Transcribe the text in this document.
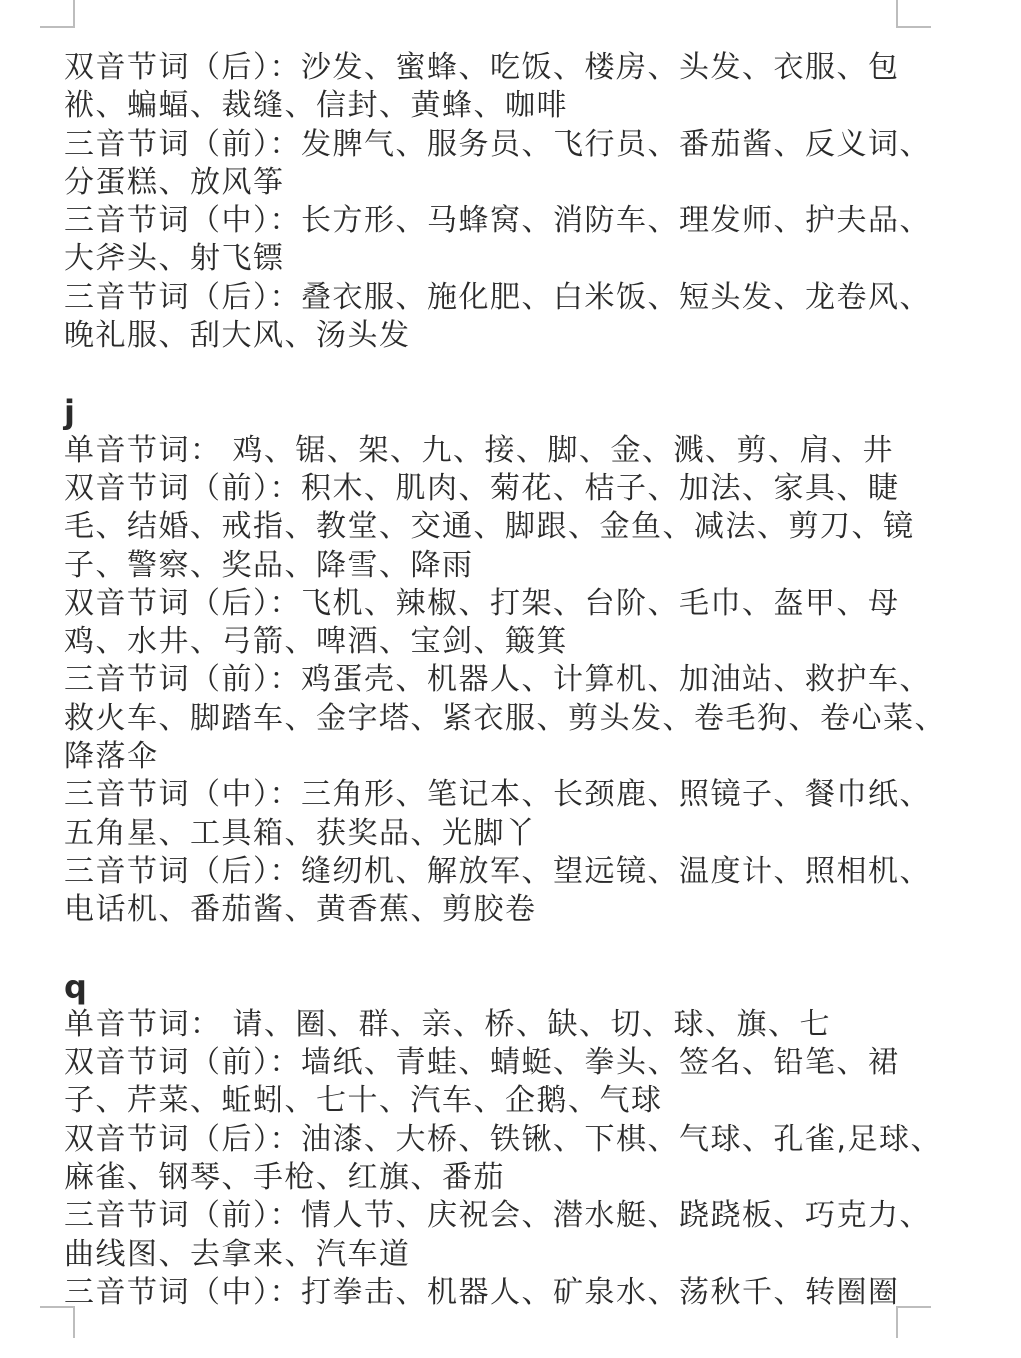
双音节词（后）：沙发、蜜蜂、吃饭、楼房、头发、衣服、包袱、蝙蝠、裁缝、信封、黄蜂、咖啡

三音节词（前）：发脾气、服务员、飞行员、番茄酱、反义词、分蛋糕、放风筝

三音节词（中）：长方形、马蜂窝、消防车、理发师、护夫品、大斧头、射飞镖

三音节词（后）：叠衣服、施化肥、白米饭、短头发、龙卷风、晚礼服、刮大风、汤头发

j

单音节词： 鸡、锯、架、九、接、脚、金、溅、剪、肩、井

双音节词（前）：积木、肌肉、菊花、桔子、加法、家具、睫毛、结婚、戒指、教堂、交通、脚跟、金鱼、减法、剪刀、镜子、警察、奖品、降雪、降雨

双音节词（后）：飞机、辣椒、打架、台阶、毛巾、盔甲、母鸡、水井、弓箭、啤酒、宝剑、簸箕

三音节词（前）：鸡蛋壳、机器人、计算机、加油站、救护车、救火车、脚踏车、金字塔、紧衣服、剪头发、卷毛狗、卷心菜、降落伞

三音节词（中）：三角形、笔记本、长颈鹿、照镜子、餐巾纸、五角星、工具箱、获奖品、光脚丫

三音节词（后）：缝纫机、解放军、望远镜、温度计、照相机、电话机、番茄酱、黄香蕉、剪胶卷

q

单音节词： 请、圈、群、亲、桥、缺、切、球、旗、七

双音节词（前）：墙纸、青蛙、蜻蜓、拳头、签名、铅笔、裙子、芹菜、蚯蚓、七十、汽车、企鹅、气球

双音节词（后）：油漆、大桥、铁锹、下棋、气球、孔雀,足球、麻雀、钢琴、手枪、红旗、番茄

三音节词（前）：情人节、庆祝会、潜水艇、跷跷板、巧克力、曲线图、去拿来、汽车道

三音节词（中）：打拳击、机器人、矿泉水、荡秋千、转圈圈
